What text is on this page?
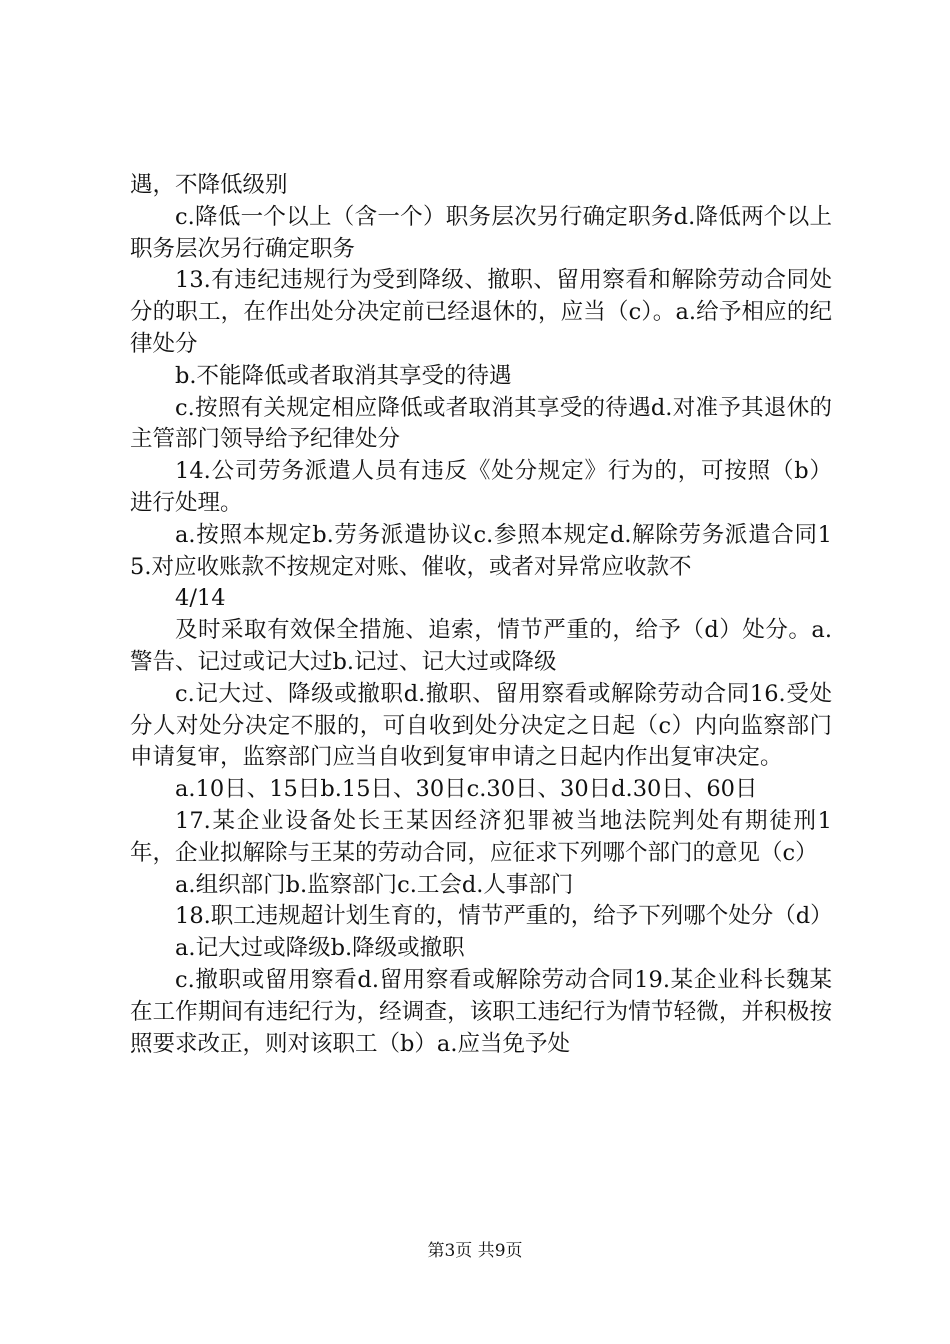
遇，不降低级别

c.降低一个以上（含一个）职务层次另行确定职务d.降低两个以上职务层次另行确定职务

13.有违纪违规行为受到降级、撤职、留用察看和解除劳动合同处分的职工，在作出处分决定前已经退休的，应当（c）。a.给予相应的纪律处分

b.不能降低或者取消其享受的待遇

c.按照有关规定相应降低或者取消其享受的待遇d.对准予其退休的主管部门领导给予纪律处分

14.公司劳务派遣人员有违反《处分规定》行为的，可按照（b）进行处理。

a.按照本规定b.劳务派遣协议c.参照本规定d.解除劳务派遣合同15.对应收账款不按规定对账、催收，或者对异常应收款不

4/14

及时采取有效保全措施、追索，情节严重的，给予（d）处分。a.警告、记过或记大过b.记过、记大过或降级

c.记大过、降级或撤职d.撤职、留用察看或解除劳动合同16.受处分人对处分决定不服的，可自收到处分决定之日起（c）内向监察部门申请复审，监察部门应当自收到复审申请之日起内作出复审决定。

a.10日、15日b.15日、30日c.30日、30日d.30日、60日

17.某企业设备处长王某因经济犯罪被当地法院判处有期徒刑1年，企业拟解除与王某的劳动合同，应征求下列哪个部门的意见（c）

a.组织部门b.监察部门c.工会d.人事部门

18.职工违规超计划生育的，情节严重的，给予下列哪个处分（d）

a.记大过或降级b.降级或撤职

c.撤职或留用察看d.留用察看或解除劳动合同19.某企业科长魏某在工作期间有违纪行为，经调查，该职工违纪行为情节轻微，并积极按照要求改正，则对该职工（b）a.应当免予处

第3页 共9页
